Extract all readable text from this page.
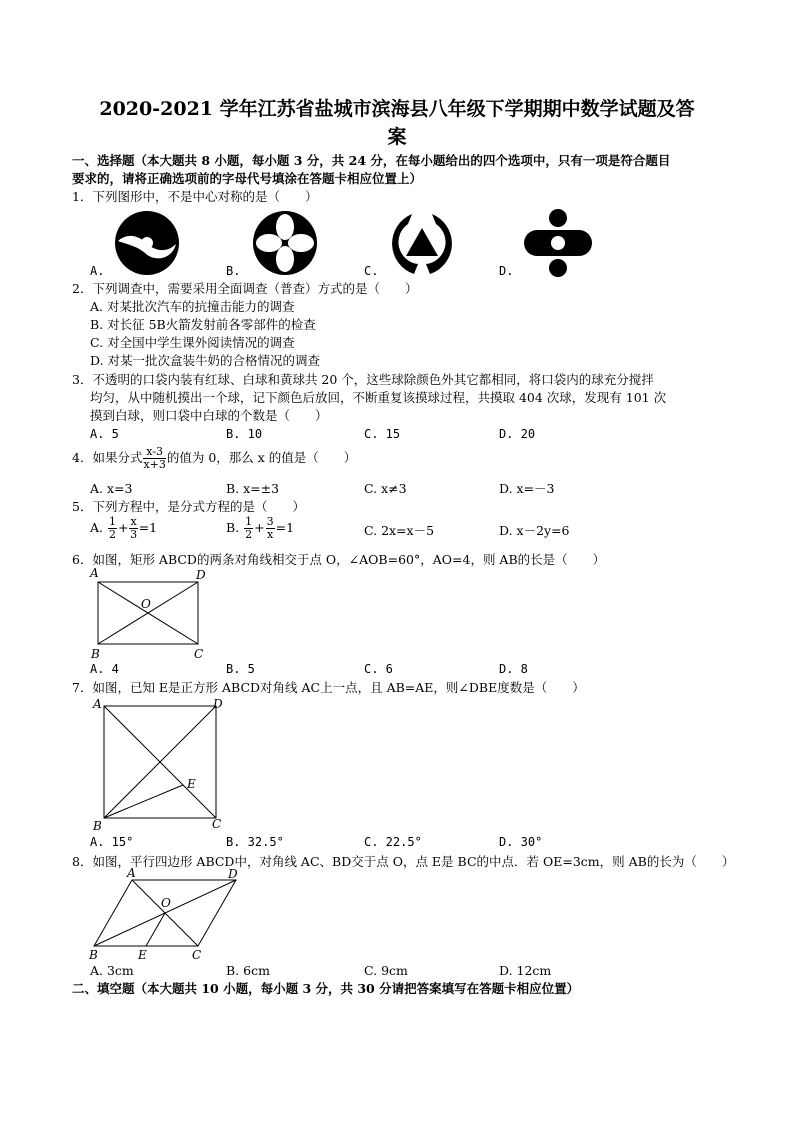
2020-2021 学年江苏省盐城市滨海县八年级下学期期中数学试题及答
案
一、选择题（本大题共 8 小题，每小题 3 分，共 24 分，在每小题给出的四个选项中，只有一项是符合题目
要求的，请将正确选项前的字母代号填涂在答题卡相应位置上）
1．下列图形中，不是中心对称的是（　　）
A.	B.	C.	D.
2．下列调查中，需要采用全面调查（普查）方式的是（　　）
A. 对某批次汽车的抗撞击能力的调查
B. 对长征 5B火箭发射前各零部件的检查
C. 对全国中学生课外阅读情况的调查
D. 对某一批次盒装牛奶的合格情况的调查
3．不透明的口袋内装有红球、白球和黄球共 20 个，这些球除颜色外其它都相同，将口袋内的球充分搅拌
均匀，从中随机摸出一个球，记下颜色后放回，不断重复该摸球过程，共摸取 404 次球，发现有 101 次
摸到白球，则口袋中白球的个数是（　　）
A. 5	B. 10	C. 15	D. 20
4．如果分式 $\frac{x-3}{x+3}$ 的值为 0，那么 x 的值是（　　）
A. x=3	B. x=±3	C. x≠3	D. x=－3
5．下列方程中，是分式方程的是（　　）
A. $\frac{1}{2} + \frac{x}{3} =1$	B. $\frac{1}{2} + \frac{3}{x} =1$	C. 2x=x－5	D. x－2y=6
6．如图，矩形 ABCD的两条对角线相交于点 O，∠AOB=60°，AO=4，则 AB的长是（　　）
A	D
B	C
O
A. 4	B. 5	C. 6	D. 8
7．如图，已知 E是正方形 ABCD对角线 AC上一点，且 AB=AE，则∠DBE度数是（　　）
A	D
B	C
E
A. 15°	B. 32.5°	C. 22.5°	D. 30°
8．如图，平行四边形 ABCD中，对角线 AC、BD交于点 O，点 E是 BC的中点．若 OE=3cm，则 AB的长为（　　）
A	D
B	C
O
E
A. 3cm	B. 6cm	C. 9cm	D. 12cm
二、填空题（本大题共 10 小题，每小题 3 分，共 30 分请把答案填写在答题卡相应位置）
